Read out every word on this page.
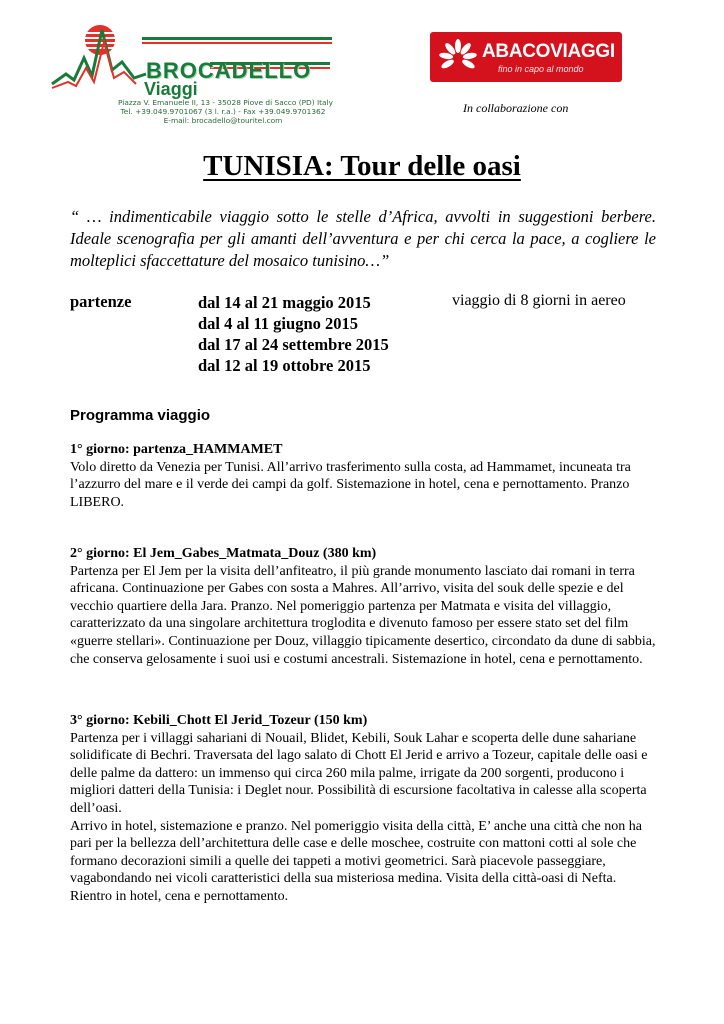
BROCADELLO
Viaggi
Piazza V. Emanuele II, 13 - 35028 Piove di Sacco (PD) Italy
Tel. +39.049.9701067 (3 l. r.a.) - Fax +39.049.9701362
E-mail: brocadello@touritel.com
ABACOVIAGGI
fino in capo al mondo
In collaborazione con
TUNISIA: Tour delle oasi
“ … indimenticabile viaggio sotto le stelle d’Africa, avvolti in suggestioni berbere. Ideale scenografia per gli amanti dell’avventura e per chi cerca la pace, a cogliere le molteplici sfaccettature del mosaico tunisino…”
partenze	dal 14 al 21 maggio 2015
dal 4 al 11 giugno 2015
dal 17 al 24 settembre 2015
dal 12 al 19 ottobre 2015
viaggio di 8 giorni in aereo
Programma viaggio

1° giorno: partenza_HAMMAMET

Volo diretto da Venezia per Tunisi. All’arrivo trasferimento sulla costa, ad Hammamet, incuneata tra l’azzurro del mare e il verde dei campi da golf. Sistemazione in hotel, cena e pernottamento. Pranzo LIBERO.

2° giorno: El Jem_Gabes_Matmata_Douz (380 km)

Partenza per El Jem per la visita dell’anfiteatro, il più grande monumento lasciato dai romani in terra africana. Continuazione per Gabes con sosta a Mahres. All’arrivo, visita del souk delle spezie e del vecchio quartiere della Jara. Pranzo. Nel pomeriggio partenza per Matmata e visita del villaggio, caratterizzato da una singolare architettura troglodita e divenuto famoso per essere stato set del film «guerre stellari». Continuazione per Douz, villaggio tipicamente desertico, circondato da dune di sabbia, che conserva gelosamente i suoi usi e costumi ancestrali. Sistemazione in hotel, cena e pernottamento.

3° giorno: Kebili_Chott El Jerid_Tozeur (150 km)

Partenza per i villaggi sahariani di Nouail, Blidet, Kebili, Souk Lahar e scoperta delle dune sahariane solidificate di Bechri. Traversata del lago salato di Chott El Jerid e arrivo a Tozeur, capitale delle oasi e delle palme da dattero: un immenso qui circa 260 mila palme, irrigate da 200 sorgenti, producono i migliori datteri della Tunisia: i Deglet nour. Possibilità di escursione facoltativa in calesse alla scoperta dell’oasi.

Arrivo in hotel, sistemazione e pranzo. Nel pomeriggio visita della città, E’ anche una città che non ha pari per la bellezza dell’architettura delle case e delle moschee, costruite con mattoni cotti al sole che formano decorazioni simili a quelle dei tappeti a motivi geometrici. Sarà piacevole passeggiare, vagabondando nei vicoli caratteristici della sua misteriosa medina. Visita della città-oasi di Nefta. Rientro in hotel, cena e pernottamento.
